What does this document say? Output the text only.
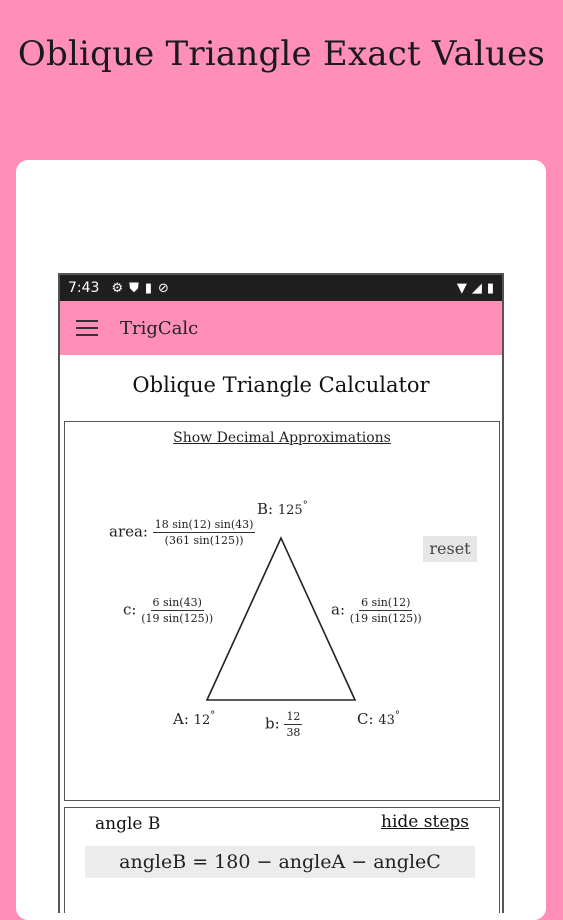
Oblique Triangle Exact Values
7:43 ⚙ ⛊ ▮ ⊘	▼ ◢ ▮
TrigCalc
Oblique Triangle Calculator
Show Decimal Approximations
area: $\frac{18 \sin(12) \sin(43)}{(361 \sin(125))}$
B: 125°
reset
c: $\frac{6 \sin(43)}{(19 \sin(125))}$	a: $\frac{6 \sin(12)}{(19 \sin(125))}$
A: 12°	b: $\frac{12}{38}$	C: 43°
angle B	hide steps
angleB = 180 − angleA − angleC
